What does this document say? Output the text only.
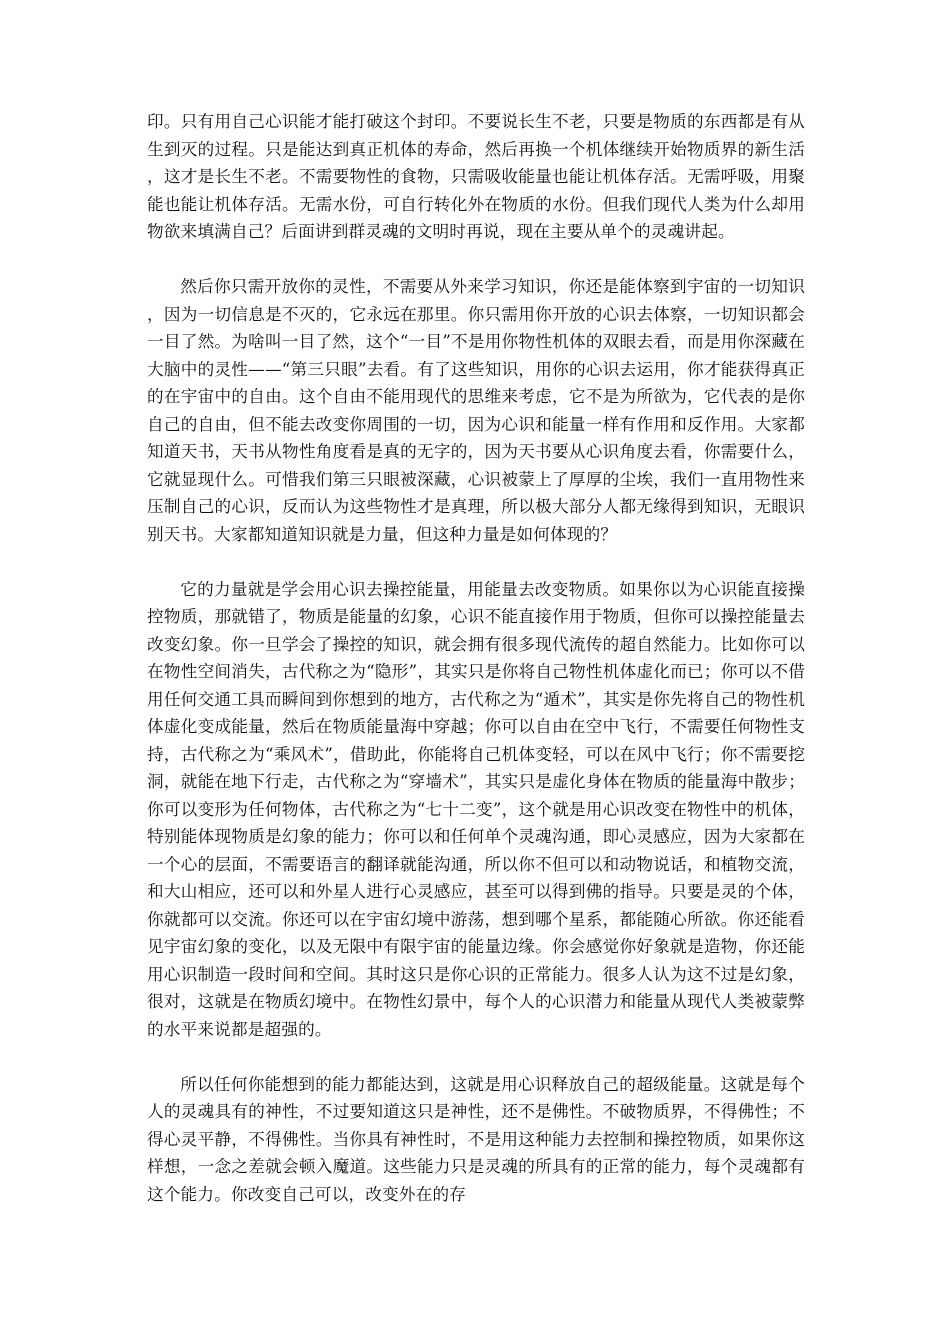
印。只有用自己心识能才能打破这个封印。不要说长生不老，只要是物质的东西都是有从生到灭的过程。只是能达到真正机体的寿命，然后再换一个机体继续开始物质界的新生活，这才是长生不老。不需要物性的食物，只需吸收能量也能让机体存活。无需呼吸，用聚能也能让机体存活。无需水份，可自行转化外在物质的水份。但我们现代人类为什么却用物欲来填满自己？后面讲到群灵魂的文明时再说，现在主要从单个的灵魂讲起。

然后你只需开放你的灵性，不需要从外来学习知识，你还是能体察到宇宙的一切知识，因为一切信息是不灭的，它永远在那里。你只需用你开放的心识去体察，一切知识都会一目了然。为啥叫一目了然，这个“一目”不是用你物性机体的双眼去看，而是用你深藏在大脑中的灵性——“第三只眼”去看。有了这些知识，用你的心识去运用，你才能获得真正的在宇宙中的自由。这个自由不能用现代的思维来考虑，它不是为所欲为，它代表的是你自己的自由，但不能去改变你周围的一切，因为心识和能量一样有作用和反作用。大家都知道天书，天书从物性角度看是真的无字的，因为天书要从心识角度去看，你需要什么，它就显现什么。可惜我们第三只眼被深藏，心识被蒙上了厚厚的尘埃，我们一直用物性来压制自己的心识，反而认为这些物性才是真理，所以极大部分人都无缘得到知识，无眼识别天书。大家都知道知识就是力量，但这种力量是如何体现的？

它的力量就是学会用心识去操控能量，用能量去改变物质。如果你以为心识能直接操控物质，那就错了，物质是能量的幻象，心识不能直接作用于物质，但你可以操控能量去改变幻象。你一旦学会了操控的知识，就会拥有很多现代流传的超自然能力。比如你可以在物性空间消失，古代称之为“隐形”，其实只是你将自己物性机体虚化而已；你可以不借用任何交通工具而瞬间到你想到的地方，古代称之为“遁术”，其实是你先将自己的物性机体虚化变成能量，然后在物质能量海中穿越；你可以自由在空中飞行，不需要任何物性支持，古代称之为“乘风术”，借助此，你能将自己机体变轻，可以在风中飞行；你不需要挖洞，就能在地下行走，古代称之为“穿墙术”，其实只是虚化身体在物质的能量海中散步；你可以变形为任何物体，古代称之为“七十二变”，这个就是用心识改变在物性中的机体，特别能体现物质是幻象的能力；你可以和任何单个灵魂沟通，即心灵感应，因为大家都在一个心的层面，不需要语言的翻译就能沟通，所以你不但可以和动物说话，和植物交流，和大山相应，还可以和外星人进行心灵感应，甚至可以得到佛的指导。只要是灵的个体，你就都可以交流。你还可以在宇宙幻境中游荡，想到哪个星系，都能随心所欲。你还能看见宇宙幻象的变化，以及无限中有限宇宙的能量边缘。你会感觉你好象就是造物，你还能用心识制造一段时间和空间。其时这只是你心识的正常能力。很多人认为这不过是幻象，很对，这就是在物质幻境中。在物性幻景中，每个人的心识潜力和能量从现代人类被蒙弊的水平来说都是超强的。

所以任何你能想到的能力都能达到，这就是用心识释放自己的超级能量。这就是每个人的灵魂具有的神性，不过要知道这只是神性，还不是佛性。不破物质界，不得佛性；不得心灵平静，不得佛性。当你具有神性时，不是用这种能力去控制和操控物质，如果你这样想，一念之差就会顿入魔道。这些能力只是灵魂的所具有的正常的能力，每个灵魂都有这个能力。你改变自己可以，改变外在的存
